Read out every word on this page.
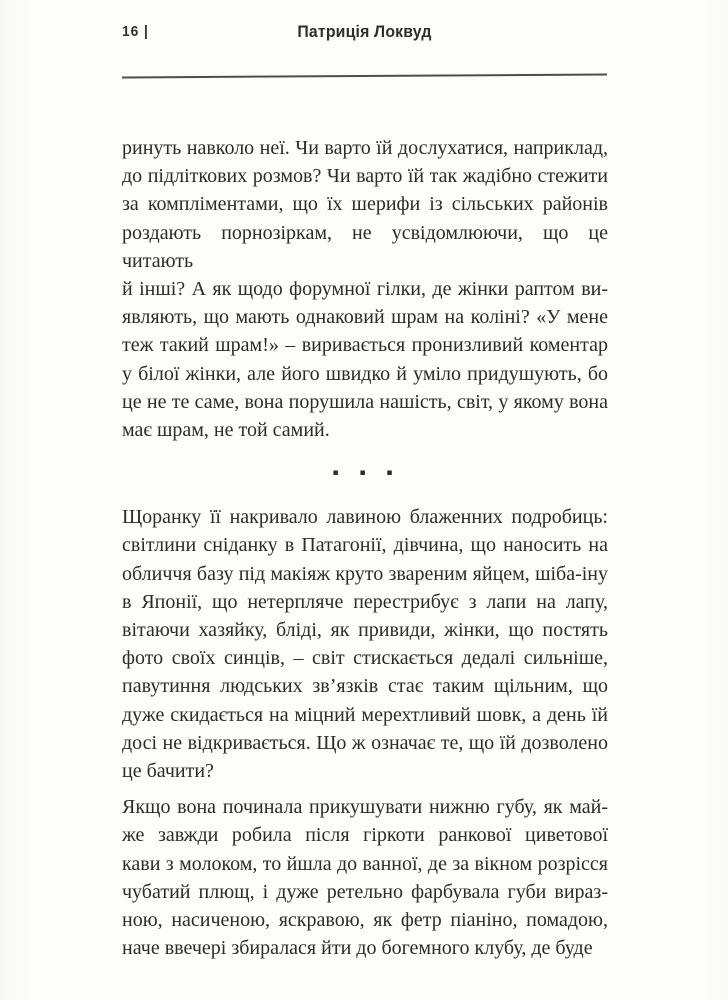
16 |	Патриція Локвуд
ринуть навколо неї. Чи варто їй дослухатися, наприклад,
до підліткових розмов? Чи варто їй так жадібно стежити
за компліментами, що їх шерифи із сільських районів
роздають порнозіркам, не усвідомлюючи, що це читають
й інші? А як щодо форумної гілки, де жінки раптом ви-
являють, що мають однаковий шрам на коліні? «У мене
теж такий шрам!» – виривається пронизливий коментар
у білої жінки, але його швидко й уміло придушують, бо
це не те саме, вона порушила нашість, світ, у якому вона
має шрам, не той самий.
▪ ▪ ▪
Щоранку її накривало лавиною блаженних подробиць:
світлини сніданку в Патагонії, дівчина, що наносить на
обличчя базу під макіяж круто звареним яйцем, шіба-іну
в Японії, що нетерпляче перестрибує з лапи на лапу,
вітаючи хазяйку, бліді, як привиди, жінки, що постять
фото своїх синців, – світ стискається дедалі сильніше,
павутиння людських зв’язків стає таким щільним, що
дуже скидається на міцний мерехтливий шовк, а день їй
досі не відкривається. Що ж означає те, що їй дозволено
це бачити?
Якщо вона починала прикушувати нижню губу, як май-
же завжди робила після гіркоти ранкової циветової
кави з молоком, то йшла до ванної, де за вікном розрісся
чубатий плющ, і дуже ретельно фарбувала губи вираз-
ною, насиченою, яскравою, як фетр піаніно, помадою,
наче ввечері збиралася йти до богемного клубу, де буде
